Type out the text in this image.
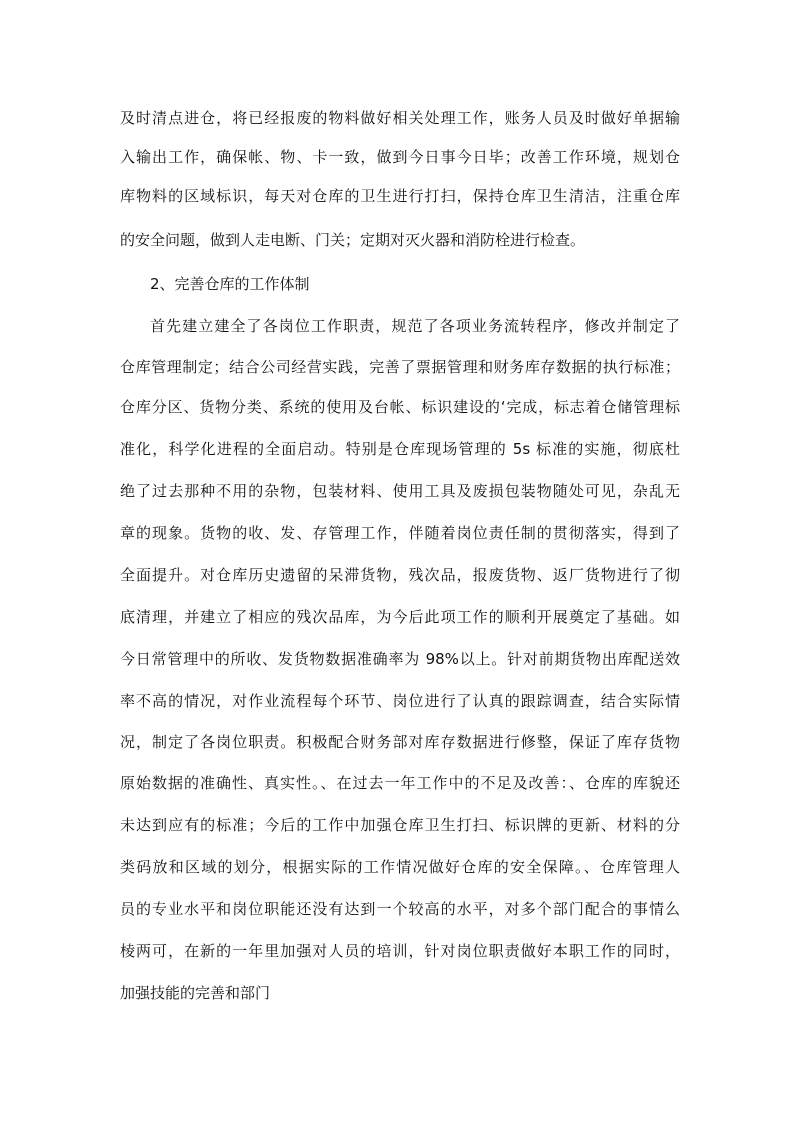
及时清点进仓，将已经报废的物料做好相关处理工作，账务人员及时做好单据输
入输出工作，确保帐、物、卡一致，做到今日事今日毕；改善工作环境，规划仓
库物料的区域标识，每天对仓库的卫生进行打扫，保持仓库卫生清洁，注重仓库
的安全问题，做到人走电断、门关；定期对灭火器和消防栓进行检查。
2、完善仓库的工作体制
首先建立建全了各岗位工作职责，规范了各项业务流转程序，修改并制定了
仓库管理制定；结合公司经营实践，完善了票据管理和财务库存数据的执行标准；
仓库分区、货物分类、系统的使用及台帐、标识建设的‘完成，标志着仓储管理标
准化，科学化进程的全面启动。特别是仓库现场管理的 5s 标准的实施，彻底杜
绝了过去那种不用的杂物，包装材料、使用工具及废损包装物随处可见，杂乱无
章的现象。货物的收、发、存管理工作，伴随着岗位责任制的贯彻落实，得到了
全面提升。对仓库历史遗留的呆滞货物，残次品，报废货物、返厂货物进行了彻
底清理，并建立了相应的残次品库，为今后此项工作的顺利开展奠定了基础。如
今日常管理中的所收、发货物数据准确率为 98%以上。针对前期货物出库配送效
率不高的情况，对作业流程每个环节、岗位进行了认真的跟踪调查，结合实际情
况，制定了各岗位职责。积极配合财务部对库存数据进行修整，保证了库存货物
原始数据的准确性、真实性。、在过去一年工作中的不足及改善：、仓库的库貌还
未达到应有的标准；今后的工作中加强仓库卫生打扫、标识牌的更新、材料的分
类码放和区域的划分，根据实际的工作情况做好仓库的安全保障。、仓库管理人
员的专业水平和岗位职能还没有达到一个较高的水平，对多个部门配合的事情么
棱两可，在新的一年里加强对人员的培训，针对岗位职责做好本职工作的同时，
加强技能的完善和部门
